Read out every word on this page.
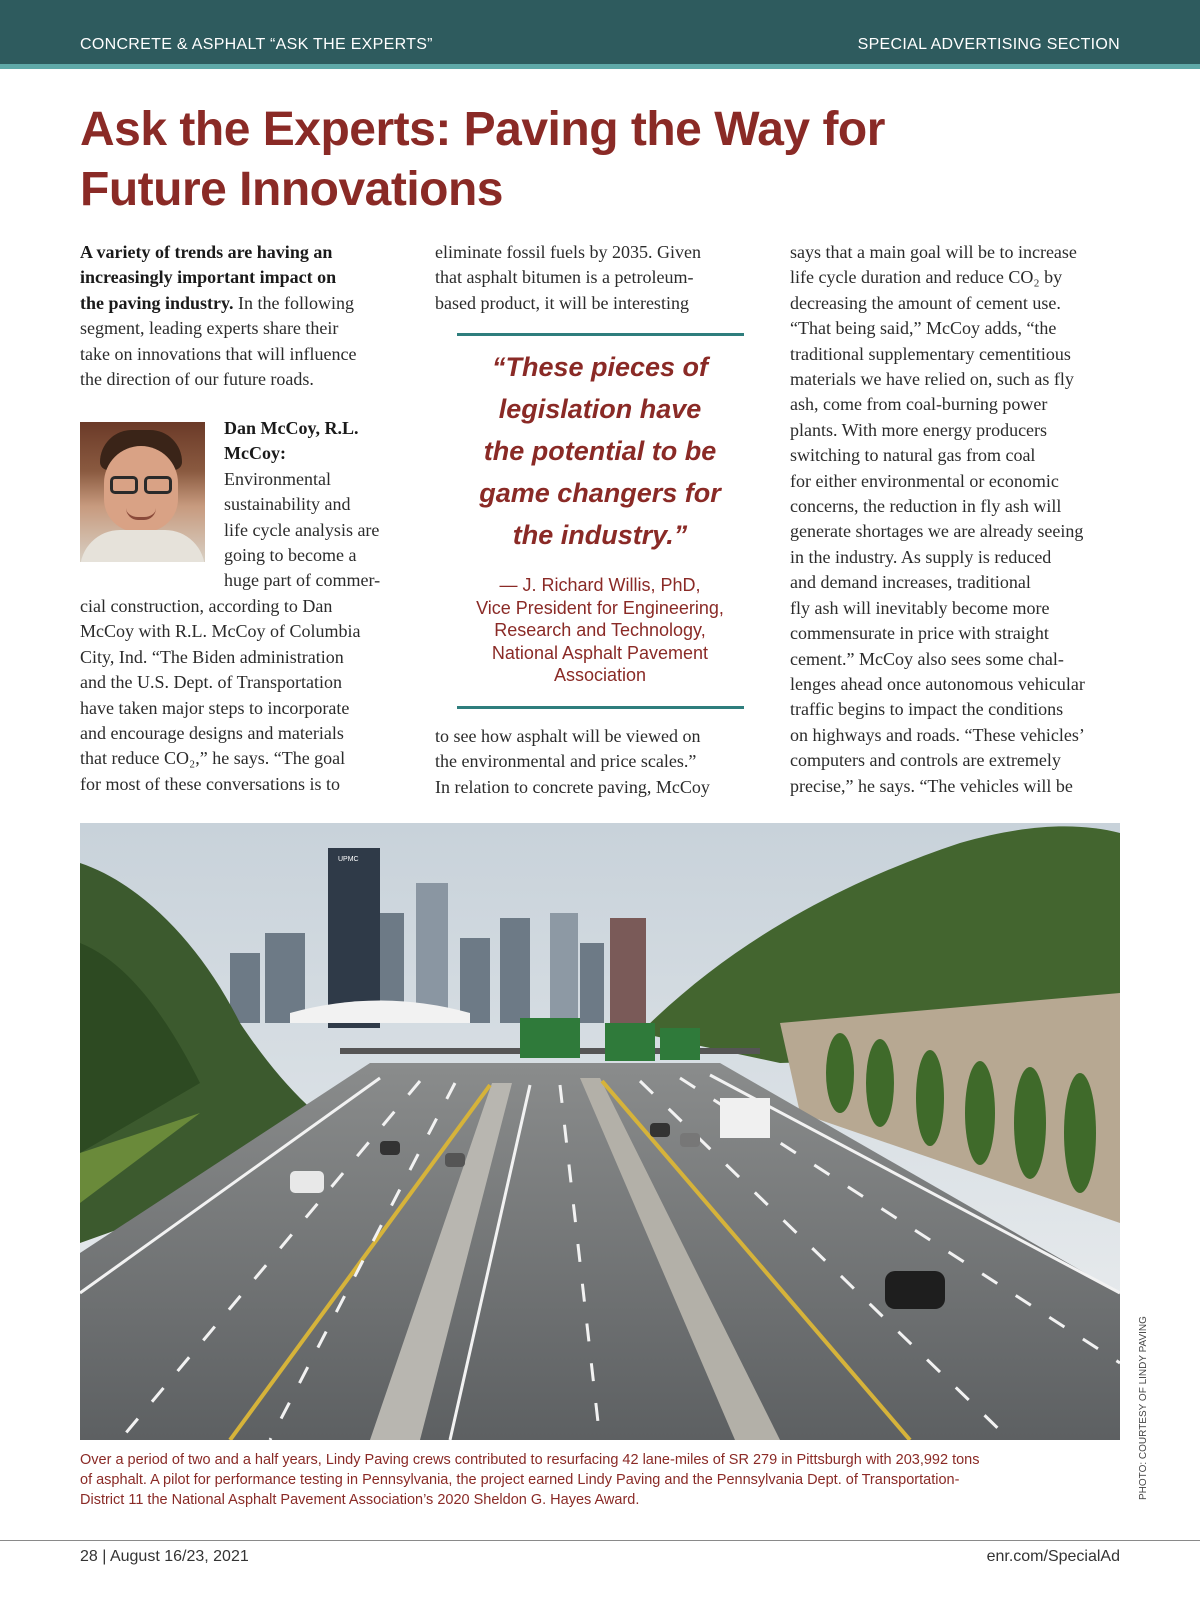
CONCRETE & ASPHALT “ASK THE EXPERTS”	SPECIAL ADVERTISING SECTION
Ask the Experts: Paving the Way for
Future Innovations
A variety of trends are having an
increasingly important impact on
the paving industry. In the following
segment, leading experts share their
take on innovations that will influence
the direction of our future roads.
Dan McCoy, R.L.
McCoy:
Environmental
sustainability and
life cycle analysis are
going to become a
huge part of commer-
cial construction, according to Dan
McCoy with R.L. McCoy of Columbia
City, Ind. “The Biden administration
and the U.S. Dept. of Transportation
have taken major steps to incorporate
and encourage designs and materials
that reduce CO₂,” he says. “The goal
for most of these conversations is to
eliminate fossil fuels by 2035. Given
that asphalt bitumen is a petroleum-
based product, it will be interesting
“These pieces of
legislation have
the potential to be
game changers for
the industry.”
— J. Richard Willis, PhD,
Vice President for Engineering,
Research and Technology,
National Asphalt Pavement
Association
to see how asphalt will be viewed on
the environmental and price scales.”
In relation to concrete paving, McCoy
says that a main goal will be to increase
life cycle duration and reduce CO₂ by
decreasing the amount of cement use.
“That being said,” McCoy adds, “the
traditional supplementary cementitious
materials we have relied on, such as fly
ash, come from coal-burning power
plants. With more energy producers
switching to natural gas from coal
for either environmental or economic
concerns, the reduction in fly ash will
generate shortages we are already seeing
in the industry. As supply is reduced
and demand increases, traditional
fly ash will inevitably become more
commensurate in price with straight
cement.” McCoy also sees some chal-
lenges ahead once autonomous vehicular
traffic begins to impact the conditions
on highways and roads. “These vehicles’
computers and controls are extremely
precise,” he says. “The vehicles will be
UPMC
PHOTO: COURTESY OF LINDY PAVING
Over a period of two and a half years, Lindy Paving crews contributed to resurfacing 42 lane-miles of SR 279 in Pittsburgh with 203,992 tons
of asphalt. A pilot for performance testing in Pennsylvania, the project earned Lindy Paving and the Pennsylvania Dept. of Transportation-
District 11 the National Asphalt Pavement Association’s 2020 Sheldon G. Hayes Award.
28 | August 16/23, 2021	enr.com/SpecialAd
